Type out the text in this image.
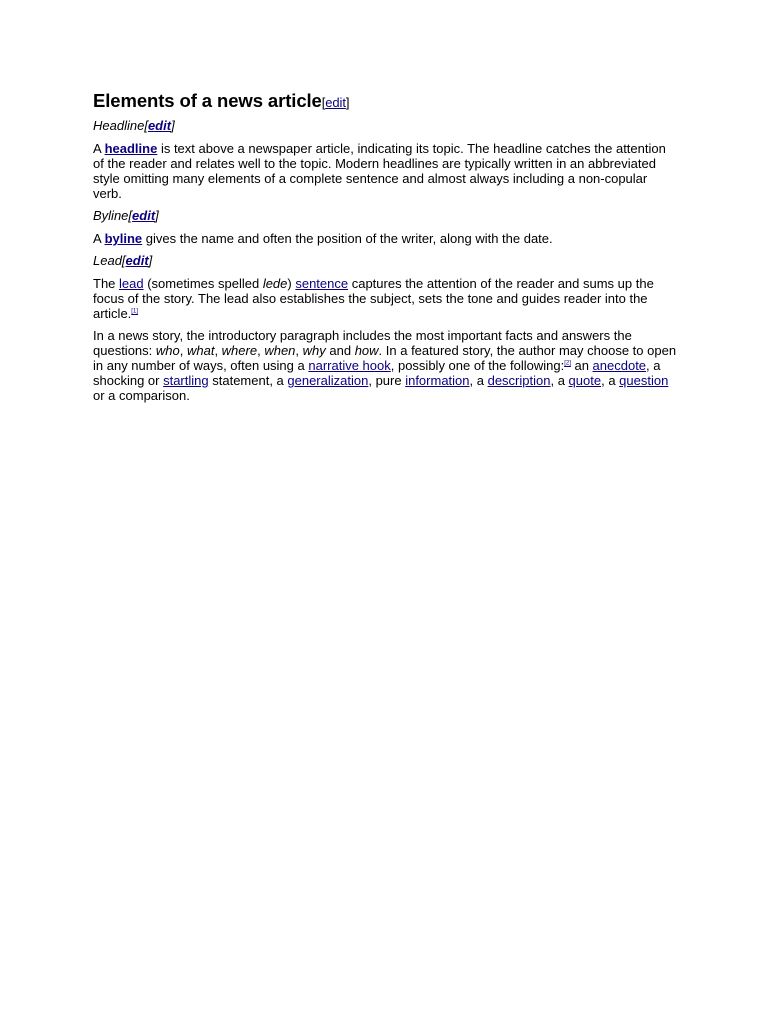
Elements of a news article[edit]
Headline[edit]

A headline is text above a newspaper article, indicating its topic. The headline catches the attention of the reader and relates well to the topic. Modern headlines are typically written in an abbreviated style omitting many elements of a complete sentence and almost always including a non-copular verb.

Byline[edit]

A byline gives the name and often the position of the writer, along with the date.

Lead[edit]

The lead (sometimes spelled lede) sentence captures the attention of the reader and sums up the focus of the story. The lead also establishes the subject, sets the tone and guides reader into the article.[1]

In a news story, the introductory paragraph includes the most important facts and answers the questions: who, what, where, when, why and how. In a featured story, the author may choose to open in any number of ways, often using a narrative hook, possibly one of the following:[2] an anecdote, a shocking or startling statement, a generalization, pure information, a description, a quote, a question or a comparison.
